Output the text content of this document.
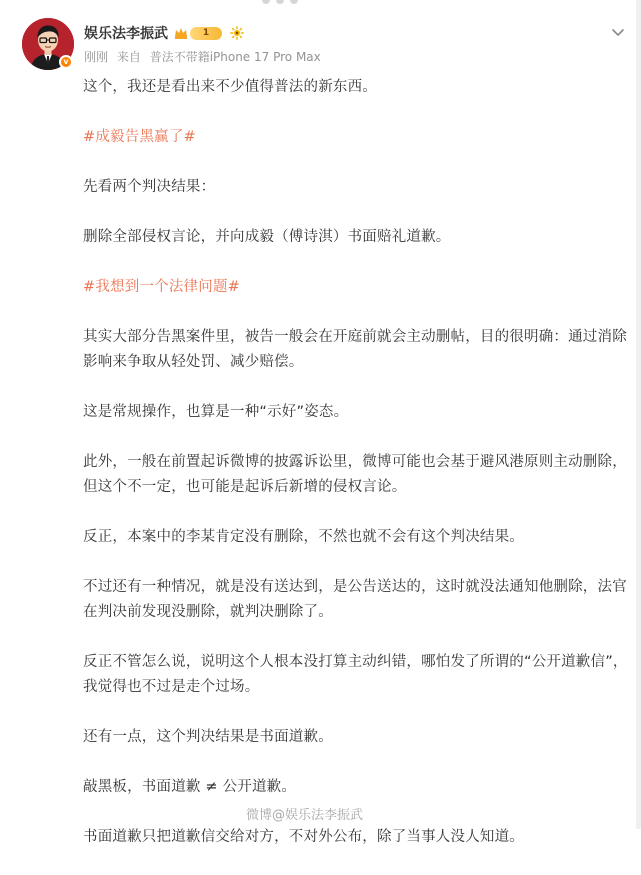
v
娱乐法李振武	1
刚刚 来自 普法不带籍iPhone 17 Pro Max

这个，我还是看出来不少值得普法的新东西。

#成毅告黑赢了#

先看两个判决结果：

删除全部侵权言论，并向成毅（傅诗淇）书面赔礼道歉。

#我想到一个法律问题#

其实大部分告黑案件里，被告一般会在开庭前就会主动删帖，目的很明确：通过消除影响来争取从轻处罚、减少赔偿。

这是常规操作，也算是一种“示好”姿态。

此外，一般在前置起诉微博的披露诉讼里，微博可能也会基于避风港原则主动删除，但这个不一定，也可能是起诉后新增的侵权言论。

反正，本案中的李某肯定没有删除，不然也就不会有这个判决结果。

不过还有一种情况，就是没有送达到，是公告送达的，这时就没法通知他删除，法官在判决前发现没删除，就判决删除了。

反正不管怎么说，说明这个人根本没打算主动纠错，哪怕发了所谓的“公开道歉信”，我觉得也不过是走个过场。

还有一点，这个判决结果是书面道歉。

敲黑板，书面道歉 ≠ 公开道歉。

书面道歉只把道歉信交给对方，不对外公布，除了当事人没人知道。

微博@娱乐法李振武
